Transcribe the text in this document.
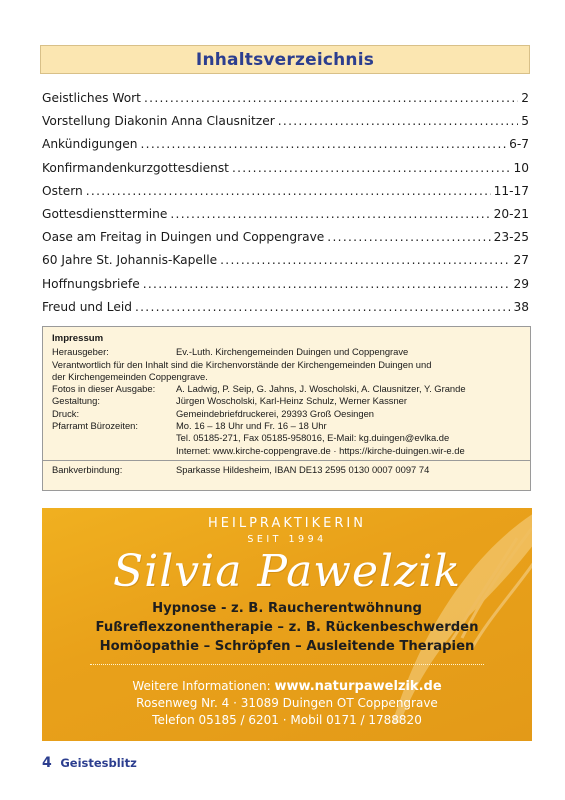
Inhaltsverzeichnis
Geistliches Wort .....	2
Vorstellung Diakonin Anna Clausnitzer .....	5
Ankündigungen .....	6-7
Konfirmandenkurzgottesdienst .....	10
Ostern .....	11-17
Gottesdiensttermine .....	20-21
Oase am Freitag in Duingen und Coppengrave .....	23-25
60 Jahre St. Johannis-Kapelle .....	27
Hoffnungsbriefe .....	29
Freud und Leid .....	38
Impressum
Herausgeber:	Ev.-Luth. Kirchengemeinden Duingen und Coppengrave
Verantwortlich für den Inhalt sind die Kirchenvorstände der Kirchengemeinden Duingen und
der Kirchengemeinden Coppengrave.
Fotos in dieser Ausgabe:	A. Ladwig, P. Seip, G. Jahns, J. Woscholski, A. Clausnitzer, Y. Grande
Gestaltung:	Jürgen Woscholski, Karl-Heinz Schulz, Werner Kassner
Druck:	Gemeindebriefdruckerei, 29393 Groß Oesingen
Pfarramt Bürozeiten:	Mo. 16 – 18 Uhr und Fr. 16 – 18 Uhr
Tel. 05185-271, Fax 05185-958016, E-Mail: kg.duingen@evlka.de
Internet: www.kirche-coppengrave.de · https://kirche-duingen.wir-e.de
Bankverbindung:	Sparkasse Hildesheim, IBAN DE13 2595 0130 0007 0097 74
HEILPRAKTIKERIN
SEIT 1994
Silvia Pawelzik
Hypnose - z. B. Raucherentwöhnung
Fußreflexzonentherapie – z. B. Rückenbeschwerden
Homöopathie – Schröpfen – Ausleitende Therapien
Weitere Informationen: www.naturpawelzik.de
Rosenweg Nr. 4 · 31089 Duingen OT Coppengrave
Telefon 05185 / 6201 · Mobil 0171 / 1788820
4 Geistesblitz
